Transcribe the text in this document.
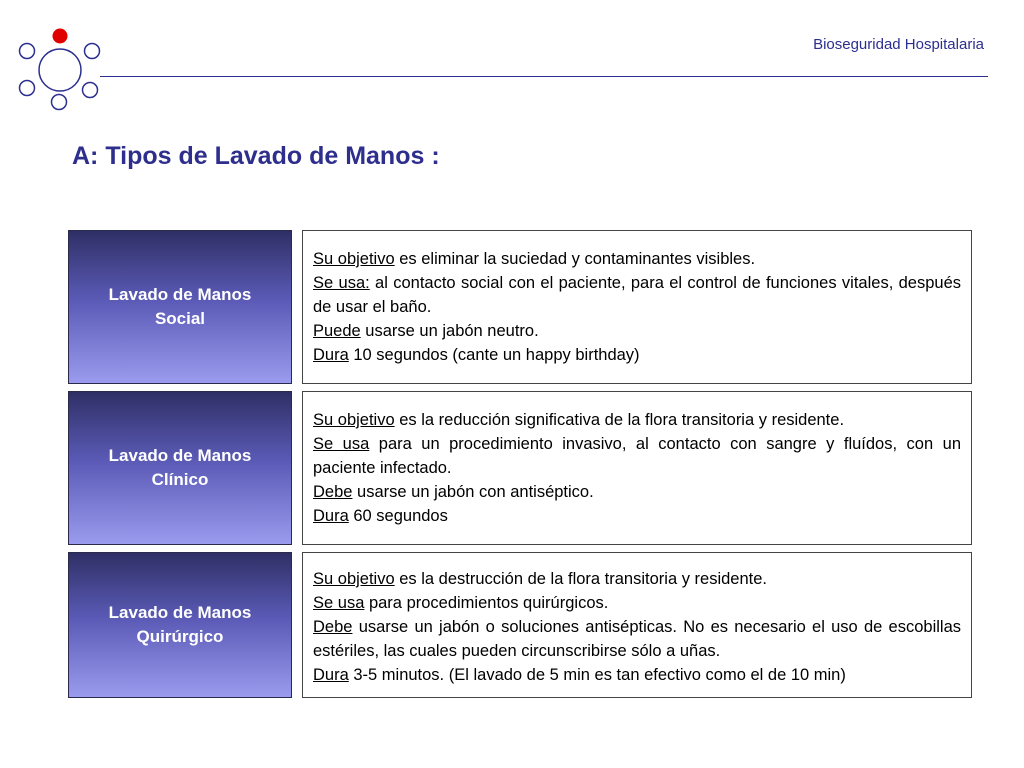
Bioseguridad Hospitalaria
A: Tipos de Lavado de Manos :
Lavado de Manos
Social
Su objetivo es eliminar la suciedad y contaminantes visibles.
Se usa: al contacto social con el paciente, para el control de funciones vitales, después de usar el baño.
Puede usarse un jabón neutro.
Dura 10 segundos (cante un happy birthday)
Lavado de Manos
Clínico
Su objetivo es la reducción significativa de la flora transitoria y residente.
Se usa para un procedimiento invasivo, al contacto con sangre y fluídos, con un paciente infectado.
Debe usarse un jabón con antiséptico.
Dura 60 segundos
Lavado de Manos
Quirúrgico
Su objetivo es la destrucción de la flora transitoria y residente.
Se usa para procedimientos quirúrgicos.
Debe usarse un jabón o soluciones antisépticas. No es necesario el uso de escobillas estériles, las cuales pueden circunscribirse sólo a uñas.
Dura 3-5 minutos. (El lavado de 5 min es tan efectivo como el de 10 min)
